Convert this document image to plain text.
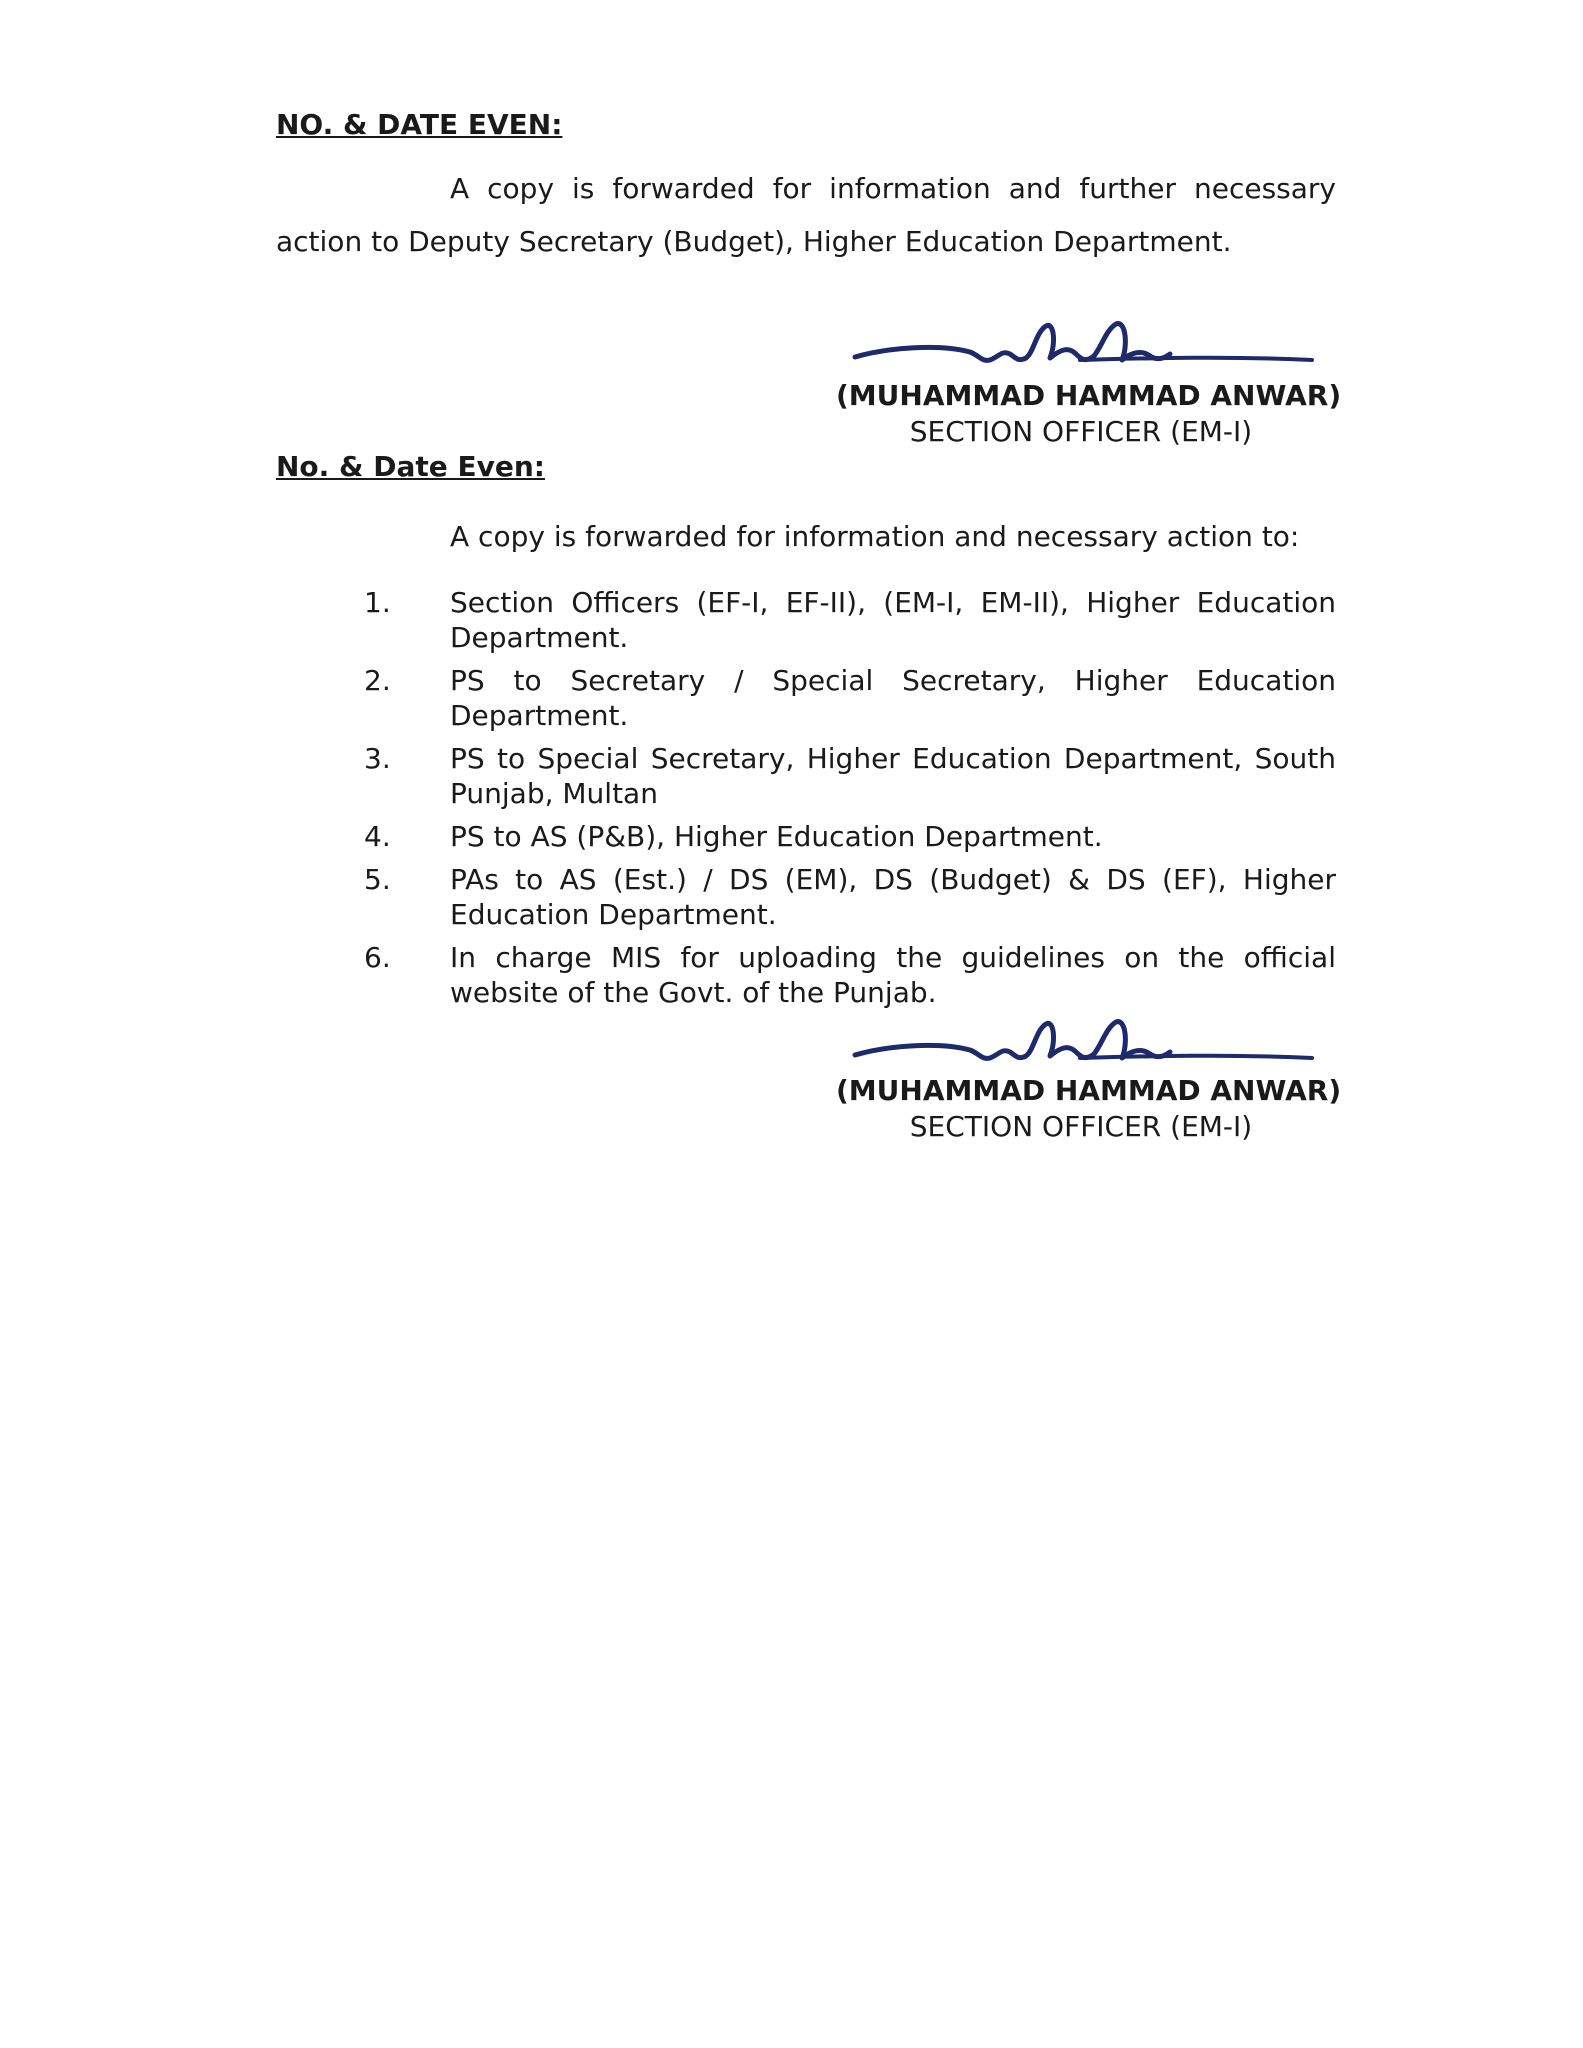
NO. & DATE EVEN:
A copy is forwarded for information and further necessary action to Deputy Secretary (Budget), Higher Education Department.
(MUHAMMAD HAMMAD ANWAR)
SECTION OFFICER (EM-I)
No. & Date Even:
A copy is forwarded for information and necessary action to:
1. Section Officers (EF-I, EF-II), (EM-I, EM-II), Higher Education Department.
2. PS to Secretary / Special Secretary, Higher Education Department.
3. PS to Special Secretary, Higher Education Department, South Punjab, Multan
4. PS to AS (P&B), Higher Education Department.
5. PAs to AS (Est.) / DS (EM), DS (Budget) & DS (EF), Higher Education Department.
6. In charge MIS for uploading the guidelines on the official website of the Govt. of the Punjab.
(MUHAMMAD HAMMAD ANWAR)
SECTION OFFICER (EM-I)
